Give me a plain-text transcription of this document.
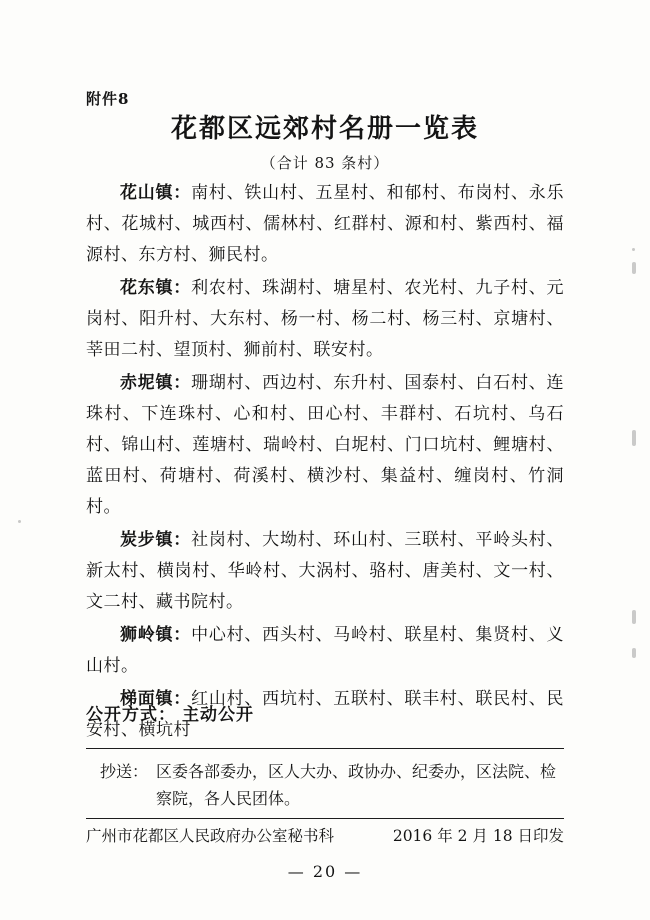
附件8
花都区远郊村名册一览表
（合计 83 条村）

花山镇：南村、铁山村、五星村、和郁村、布岗村、永乐村、花城村、城西村、儒林村、红群村、源和村、紫西村、福源村、东方村、狮民村。

花东镇：利农村、珠湖村、塘星村、农光村、九子村、元岗村、阳升村、大东村、杨一村、杨二村、杨三村、京塘村、莘田二村、望顶村、狮前村、联安村。

赤坭镇：珊瑚村、西边村、东升村、国泰村、白石村、连珠村、下连珠村、心和村、田心村、丰群村、石坑村、乌石村、锦山村、莲塘村、瑞岭村、白坭村、门口坑村、鲤塘村、蓝田村、荷塘村、荷溪村、横沙村、集益村、缠岗村、竹洞村。

炭步镇：社岗村、大坳村、环山村、三联村、平岭头村、新太村、横岗村、华岭村、大涡村、骆村、唐美村、文一村、文二村、藏书院村。

狮岭镇：中心村、西头村、马岭村、联星村、集贤村、义山村。

梯面镇：红山村、西坑村、五联村、联丰村、联民村、民安村、横坑村

公开方式： 主动公开
抄送： 区委各部委办，区人大办、政协办、纪委办，区法院、检察院，各人民团体。
广州市花都区人民政府办公室秘书科	2016 年 2 月 18 日印发
— 20 —
